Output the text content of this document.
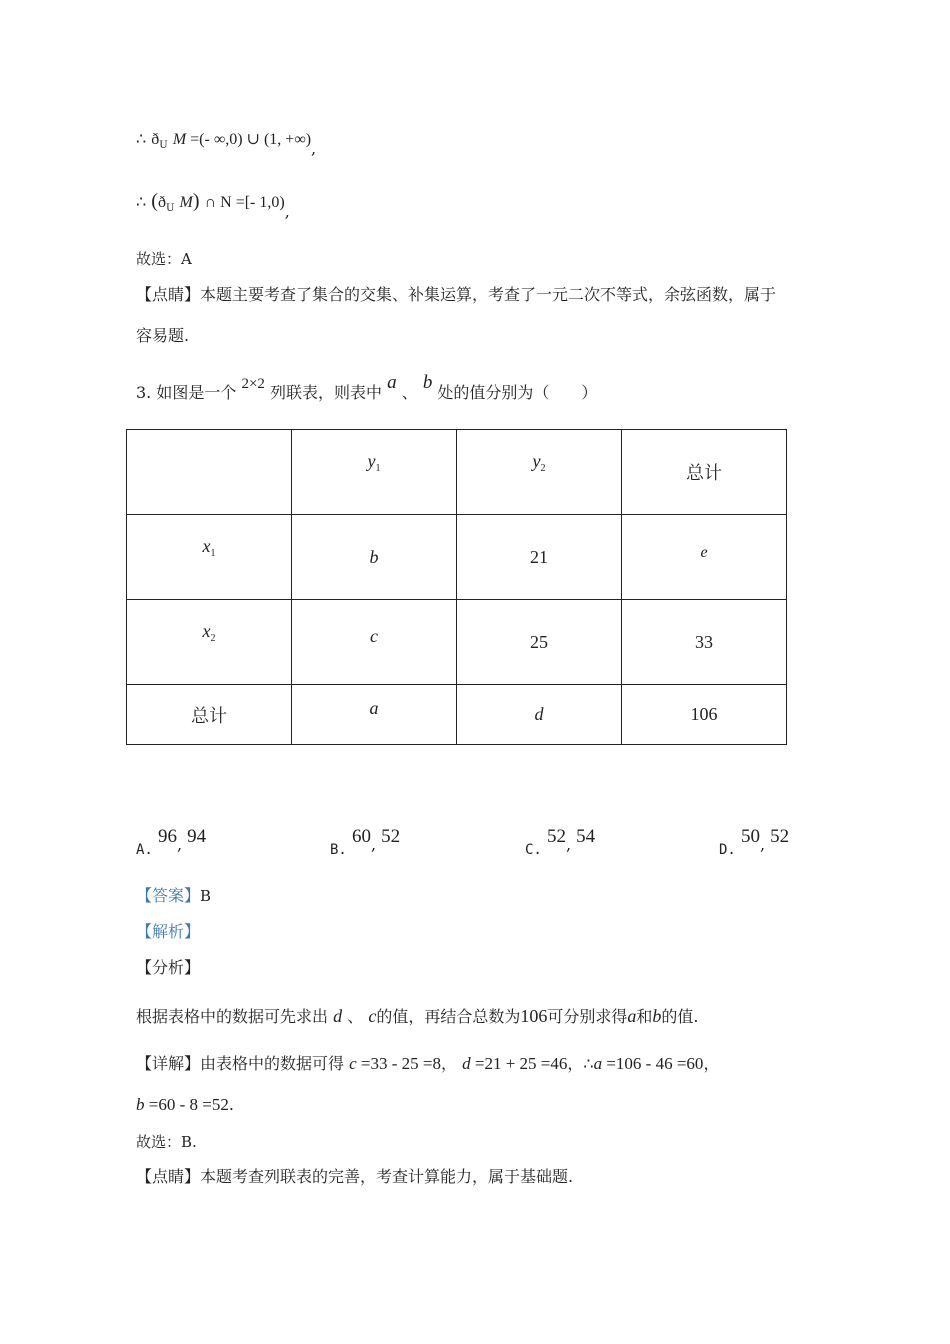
∴ $ð_U$ M =(- ∞,0) ∪ (1, +∞),
∴ ($ð_U$ M) ∩ N =[- 1,0),
故选：A
【点睛】本题主要考查了集合的交集、补集运算，考查了一元二次不等式，余弦函数，属于
容易题.
3. 如图是一个 2×2 列联表，则表中 a 、 b 处的值分别为（　　）
	$y_1$	$y_2$	总计
$x_1$	b	21	e
$x_2$	c	25	33
总计	a	d	106
A. 96, 94
B. 60, 52
C. 52, 54
D. 50, 52
【答案】B
【解析】
【分析】
根据表格中的数据可先求出 d 、 c的值，再结合总数为106可分别求得a和b的值.
【详解】由表格中的数据可得 c =33 - 25 =8， d =21 + 25 =46，∴a =106 - 46 =60，
b =60 - 8 =52.
故选：B.
【点睛】本题考查列联表的完善，考查计算能力，属于基础题.
